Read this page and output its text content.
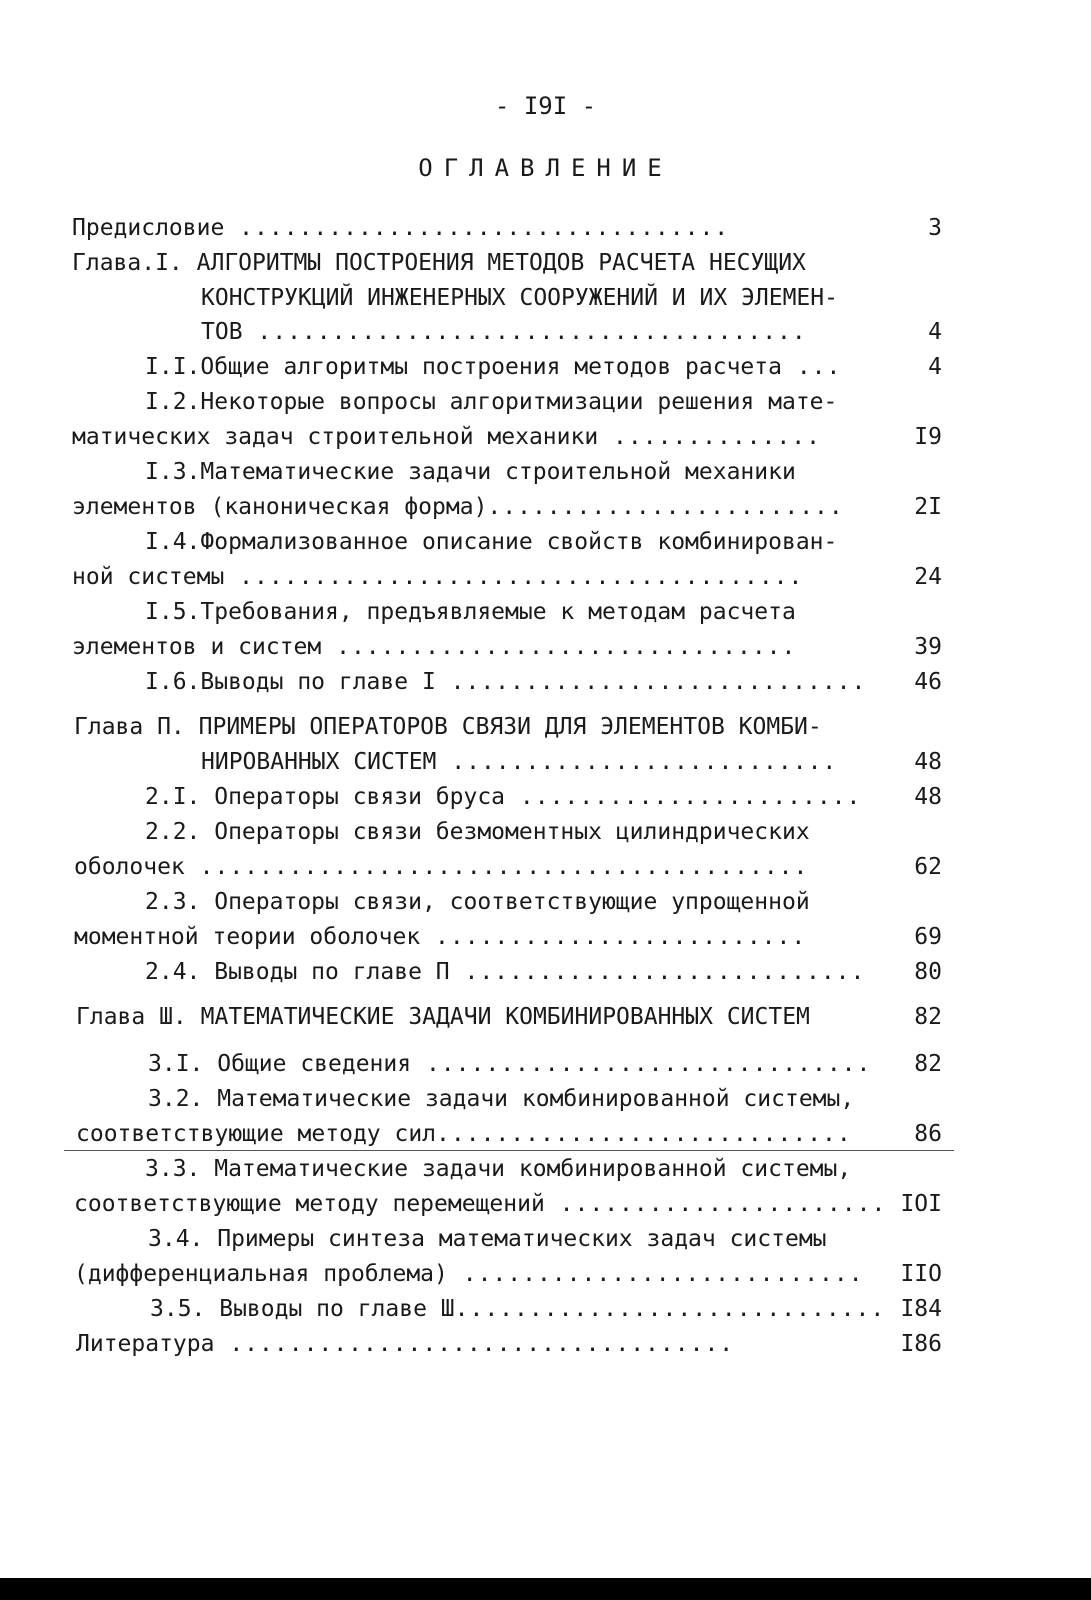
- I9I -
ОГЛАВЛЕНИЕ
Предисловие .................................	3
Глава.I. АЛГОРИТМЫ ПОСТРОЕНИЯ МЕТОДОВ РАСЧЕТА НЕСУЩИХ
КОНСТРУКЦИЙ ИНЖЕНЕРНЫХ СООРУЖЕНИЙ И ИХ ЭЛЕМЕН-
ТОВ .....................................	4
I.I.Общие алгоритмы построения методов расчета ...	4
I.2.Некоторые вопросы алгоритмизации решения мате-
матических задач строительной механики ..............	I9
I.3.Математические задачи строительной механики
элементов (каноническая форма)........................	2I
I.4.Формализованное описание свойств комбинирован-
ной системы ......................................	24
I.5.Требования, предъявляемые к методам расчета
элементов и систем ...............................	39
I.6.Выводы по главе I ............................	46
Глава П. ПРИМЕРЫ ОПЕРАТОРОВ СВЯЗИ ДЛЯ ЭЛЕМЕНТОВ КОМБИ-
НИРОВАННЫХ СИСТЕМ ..........................	48
2.I. Операторы связи бруса .......................	48
2.2. Операторы связи безмоментных цилиндрических
оболочек .........................................	62
2.3. Операторы связи, соответствующие упрощенной
моментной теории оболочек .........................	69
2.4. Выводы по главе П ...........................	80
Глава Ш. МАТЕМАТИЧЕСКИЕ ЗАДАЧИ КОМБИНИРОВАННЫХ СИСТЕМ	82
3.I. Общие сведения ..............................	82
3.2. Математические задачи комбинированной системы,
соответствующие методу сил............................	86
3.3. Математические задачи комбинированной системы,
соответствующие методу перемещений ...................... IOI
3.4. Примеры синтеза математических задач системы
(дифференциальная проблема) ...........................	IIO
3.5. Выводы по главе Ш............................. I84
Литература ..................................	I86
